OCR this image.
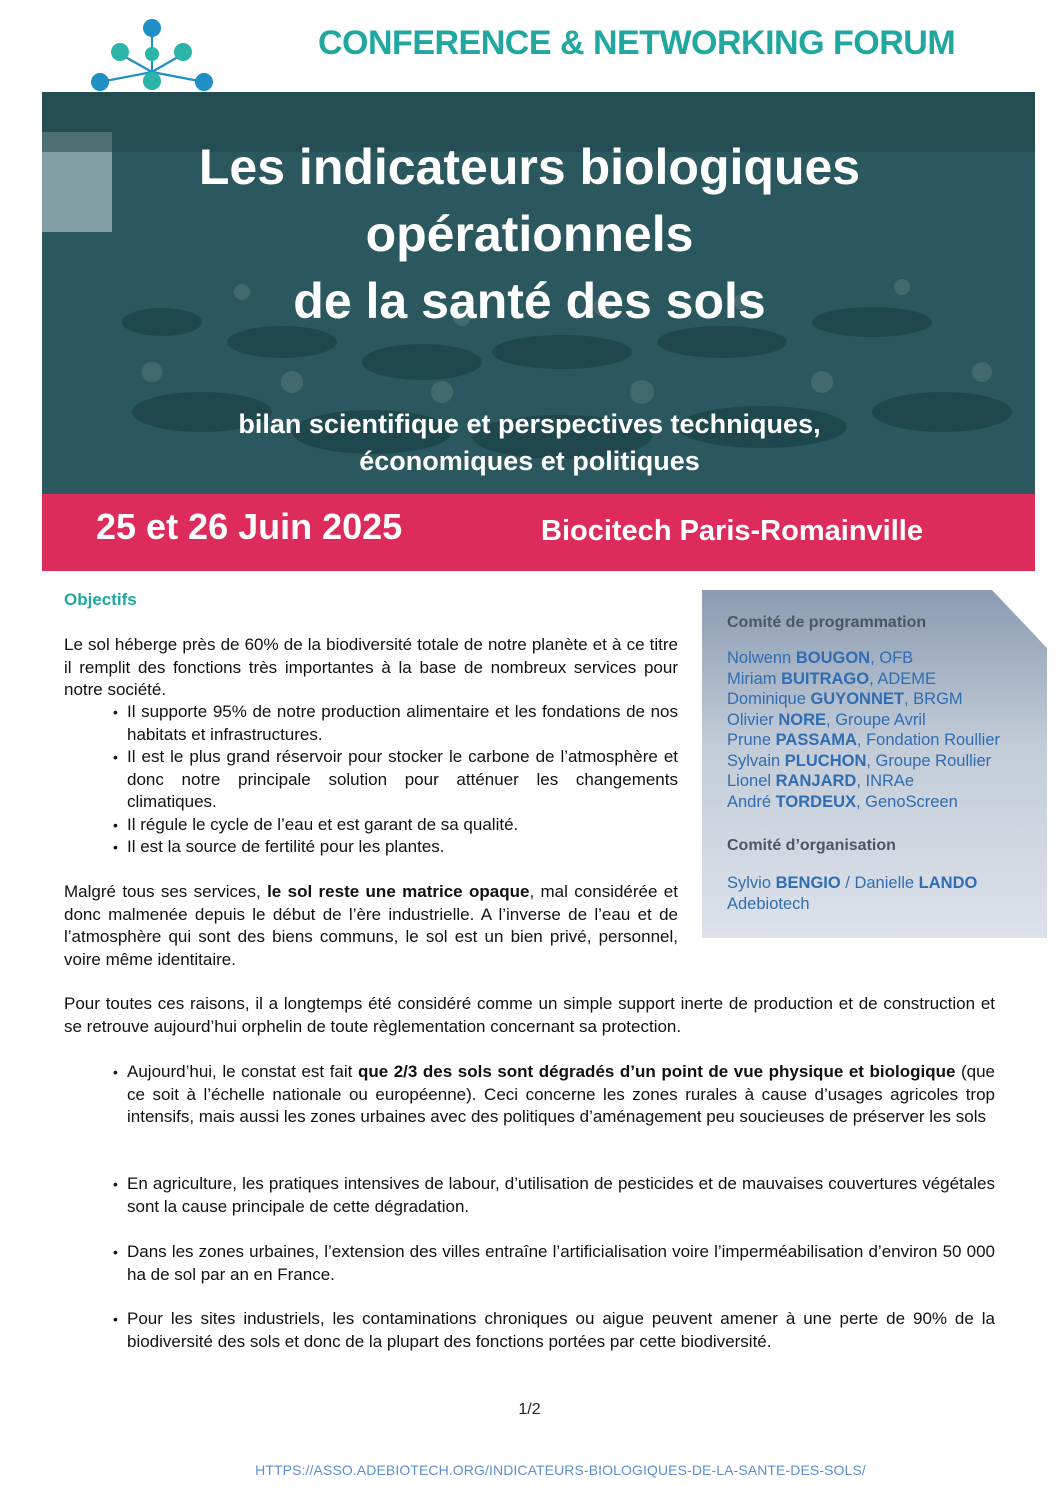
CONFERENCE & NETWORKING FORUM
Les indicateurs biologiques
opérationnels
de la santé des sols
bilan scientifique et perspectives techniques,
économiques et politiques
25 et 26 Juin 2025	Biocitech Paris-Romainville
Objectifs
Le sol héberge près de 60% de la biodiversité totale de notre planète et à ce titre il remplit des fonctions très importantes à la base de nombreux services pour notre société.
• Il supporte 95% de notre production alimentaire et les fondations de nos habitats et infrastructures.
• Il est le plus grand réservoir pour stocker le carbone de l’atmosphère et donc notre principale solution pour atténuer les changements climatiques.
• Il régule le cycle de l’eau et est garant de sa qualité.
• Il est la source de fertilité pour les plantes.
Malgré tous ses services, le sol reste une matrice opaque, mal considérée et donc malmenée depuis le début de l’ère industrielle. A l’inverse de l’eau et de l’atmosphère qui sont des biens communs, le sol est un bien privé, personnel, voire même identitaire.
Pour toutes ces raisons, il a longtemps été considéré comme un simple support inerte de production et de construction et se retrouve aujourd’hui orphelin de toute règlementation concernant sa protection.
• Aujourd’hui, le constat est fait que 2/3 des sols sont dégradés d’un point de vue physique et biologique (que ce soit à l’échelle nationale ou européenne). Ceci concerne les zones rurales à cause d’usages agricoles trop intensifs, mais aussi les zones urbaines avec des politiques d’aménagement peu soucieuses de préserver les sols
• En agriculture, les pratiques intensives de labour, d’utilisation de pesticides et de mauvaises couvertures végétales sont la cause principale de cette dégradation.
• Dans les zones urbaines, l’extension des villes entraîne l’artificialisation voire l’imperméabilisation d’environ 50 000 ha de sol par an en France.
• Pour les sites industriels, les contaminations chroniques ou aigue peuvent amener à une perte de 90% de la biodiversité des sols et donc de la plupart des fonctions portées par cette biodiversité.
Comité de programmation
Nolwenn BOUGON, OFB
Miriam BUITRAGO, ADEME
Dominique GUYONNET, BRGM
Olivier NORE, Groupe Avril
Prune PASSAMA, Fondation Roullier
Sylvain PLUCHON, Groupe Roullier
Lionel RANJARD, INRAe
André TORDEUX, GenoScreen
Comité d’organisation
Sylvio BENGIO / Danielle LANDO
Adebiotech
1/2
HTTPS://ASSO.ADEBIOTECH.ORG/INDICATEURS-BIOLOGIQUES-DE-LA-SANTE-DES-SOLS/
